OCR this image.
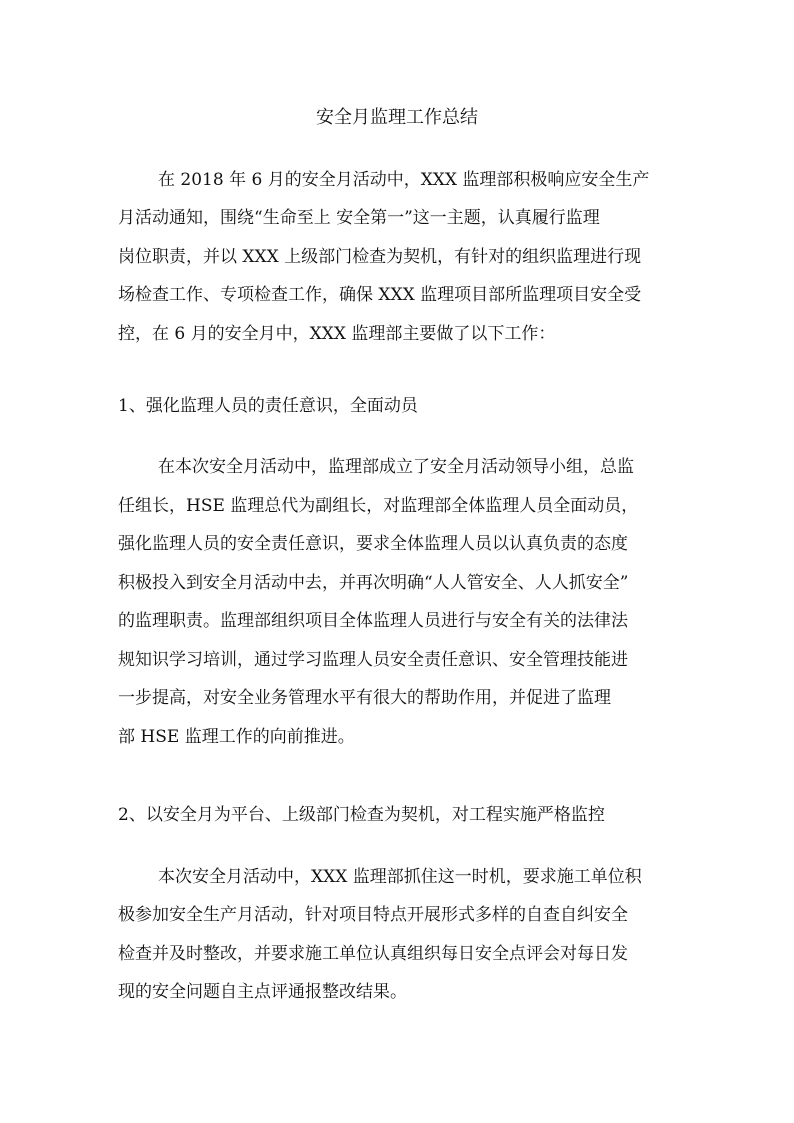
安全月监理工作总结

在 2018 年 6 月的安全月活动中，XXX 监理部积极响应安全生产

月活动通知，围绕“生命至上 安全第一”这一主题，认真履行监理

岗位职责，并以 XXX 上级部门检查为契机，有针对的组织监理进行现

场检查工作、专项检查工作，确保 XXX 监理项目部所监理项目安全受

控，在 6 月的安全月中，XXX 监理部主要做了以下工作：

1、强化监理人员的责任意识，全面动员

在本次安全月活动中，监理部成立了安全月活动领导小组，总监

任组长，HSE 监理总代为副组长，对监理部全体监理人员全面动员，

强化监理人员的安全责任意识，要求全体监理人员以认真负责的态度

积极投入到安全月活动中去，并再次明确“人人管安全、人人抓安全”

的监理职责。监理部组织项目全体监理人员进行与安全有关的法律法

规知识学习培训，通过学习监理人员安全责任意识、安全管理技能进

一步提高，对安全业务管理水平有很大的帮助作用，并促进了监理

部 HSE 监理工作的向前推进。

2、以安全月为平台、上级部门检查为契机，对工程实施严格监控

本次安全月活动中，XXX 监理部抓住这一时机，要求施工单位积

极参加安全生产月活动，针对项目特点开展形式多样的自查自纠安全

检查并及时整改，并要求施工单位认真组织每日安全点评会对每日发

现的安全问题自主点评通报整改结果。
